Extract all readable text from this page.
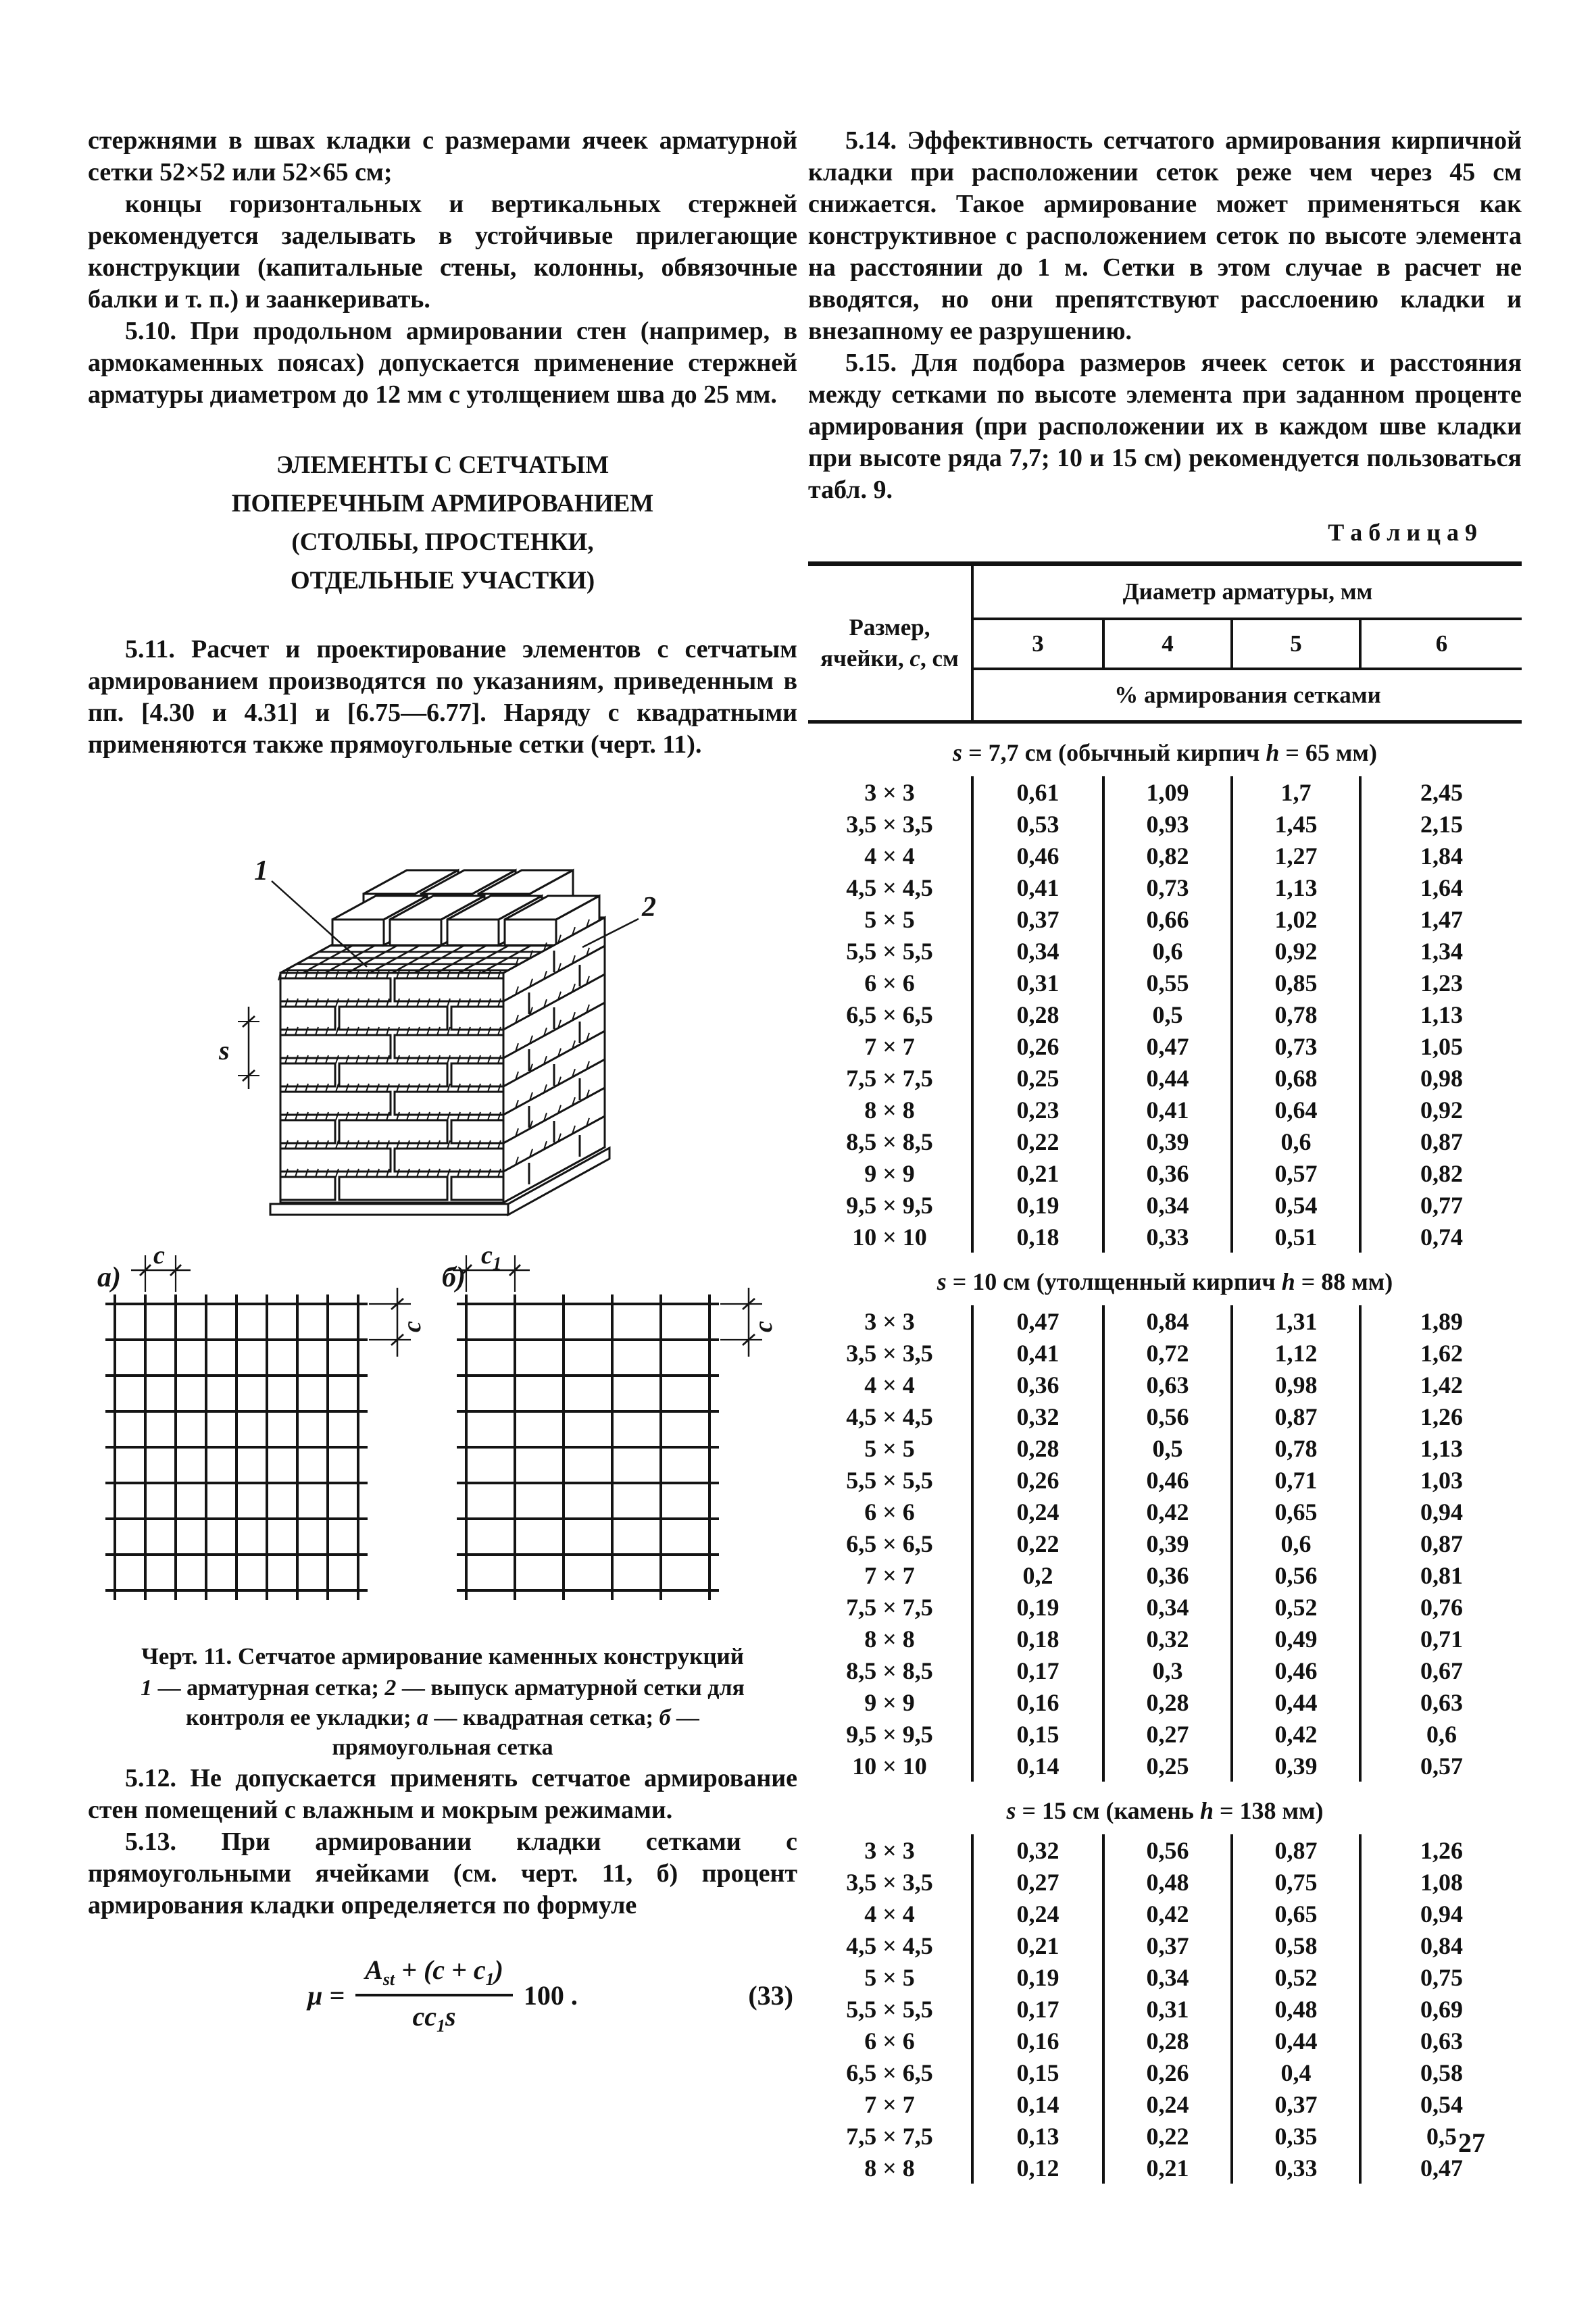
стержнями в швах кладки с размерами ячеек арматурной сетки 52×52 или 52×65 см;

концы горизонтальных и вертикальных стержней рекомендуется заделывать в устойчивые прилегающие конструкции (капитальные стены, колонны, обвязочные балки и т. п.) и заанкеривать.

5.10. При продольном армировании стен (например, в армокаменных поясах) допускается применение стержней арматуры диаметром до 12 мм с утолщением шва до 25 мм.

ЭЛЕМЕНТЫ С СЕТЧАТЫМ
ПОПЕРЕЧНЫМ АРМИРОВАНИЕМ
(СТОЛБЫ, ПРОСТЕНКИ,
ОТДЕЛЬНЫЕ УЧАСТКИ)

5.11. Расчет и проектирование элементов с сетчатым армированием производятся по указаниям, приведенным в пп. [4.30 и 4.31] и [6.75—6.77]. Наряду с квадратными применяются также прямоугольные сетки (черт. 11).

1
2
s
а)
c
c
б)
$c_1$
c
Черт. 11. Сетчатое армирование каменных конструкций
1 — арматурная сетка; 2 — выпуск арматурной сетки для контроля ее укладки; а — квадратная сетка; б — прямоугольная сетка

5.12. Не допускается применять сетчатое армирование стен помещений с влажным и мокрым режимами.

5.13. При армировании кладки сетками с прямоугольными ячейками (см. черт. 11, б) процент армирования кладки определяется по формуле

$\mu = \frac{A_{st} + (c + c_1)}{cc_1s} 100$ .	(33)

5.14. Эффективность сетчатого армирования кирпичной кладки при расположении сеток реже чем через 45 см снижается. Такое армирование может применяться как конструктивное с расположением сеток по высоте элемента на расстоянии до 1 м. Сетки в этом случае в расчет не вводятся, но они препятствуют расслоению кладки и внезапному ее разрушению.

5.15. Для подбора размеров ячеек сеток и расстояния между сетками по высоте элемента при заданном проценте армирования (при расположении их в каждом шве кладки при высоте ряда 7,7; 10 и 15 см) рекомендуется пользоваться табл. 9.

Т а б л и ц а 9
Размер,
ячейки, с, см
Диаметр арматуры, мм
3	4	5	6
% армирования сетками
s = 7,7 см (обычный кирпич h = 65 мм)
3 × 3	0,61	1,09	1,7	2,45
3,5 × 3,5	0,53	0,93	1,45	2,15
4 × 4	0,46	0,82	1,27	1,84
4,5 × 4,5	0,41	0,73	1,13	1,64
5 × 5	0,37	0,66	1,02	1,47
5,5 × 5,5	0,34	0,6	0,92	1,34
6 × 6	0,31	0,55	0,85	1,23
6,5 × 6,5	0,28	0,5	0,78	1,13
7 × 7	0,26	0,47	0,73	1,05
7,5 × 7,5	0,25	0,44	0,68	0,98
8 × 8	0,23	0,41	0,64	0,92
8,5 × 8,5	0,22	0,39	0,6	0,87
9 × 9	0,21	0,36	0,57	0,82
9,5 × 9,5	0,19	0,34	0,54	0,77
10 × 10	0,18	0,33	0,51	0,74
s = 10 см (утолщенный кирпич h = 88 мм)
3 × 3	0,47	0,84	1,31	1,89
3,5 × 3,5	0,41	0,72	1,12	1,62
4 × 4	0,36	0,63	0,98	1,42
4,5 × 4,5	0,32	0,56	0,87	1,26
5 × 5	0,28	0,5	0,78	1,13
5,5 × 5,5	0,26	0,46	0,71	1,03
6 × 6	0,24	0,42	0,65	0,94
6,5 × 6,5	0,22	0,39	0,6	0,87
7 × 7	0,2	0,36	0,56	0,81
7,5 × 7,5	0,19	0,34	0,52	0,76
8 × 8	0,18	0,32	0,49	0,71
8,5 × 8,5	0,17	0,3	0,46	0,67
9 × 9	0,16	0,28	0,44	0,63
9,5 × 9,5	0,15	0,27	0,42	0,6
10 × 10	0,14	0,25	0,39	0,57
s = 15 см (камень h = 138 мм)
3 × 3	0,32	0,56	0,87	1,26
3,5 × 3,5	0,27	0,48	0,75	1,08
4 × 4	0,24	0,42	0,65	0,94
4,5 × 4,5	0,21	0,37	0,58	0,84
5 × 5	0,19	0,34	0,52	0,75
5,5 × 5,5	0,17	0,31	0,48	0,69
6 × 6	0,16	0,28	0,44	0,63
6,5 × 6,5	0,15	0,26	0,4	0,58
7 × 7	0,14	0,24	0,37	0,54
7,5 × 7,5	0,13	0,22	0,35	0,5
8 × 8	0,12	0,21	0,33	0,47
27
